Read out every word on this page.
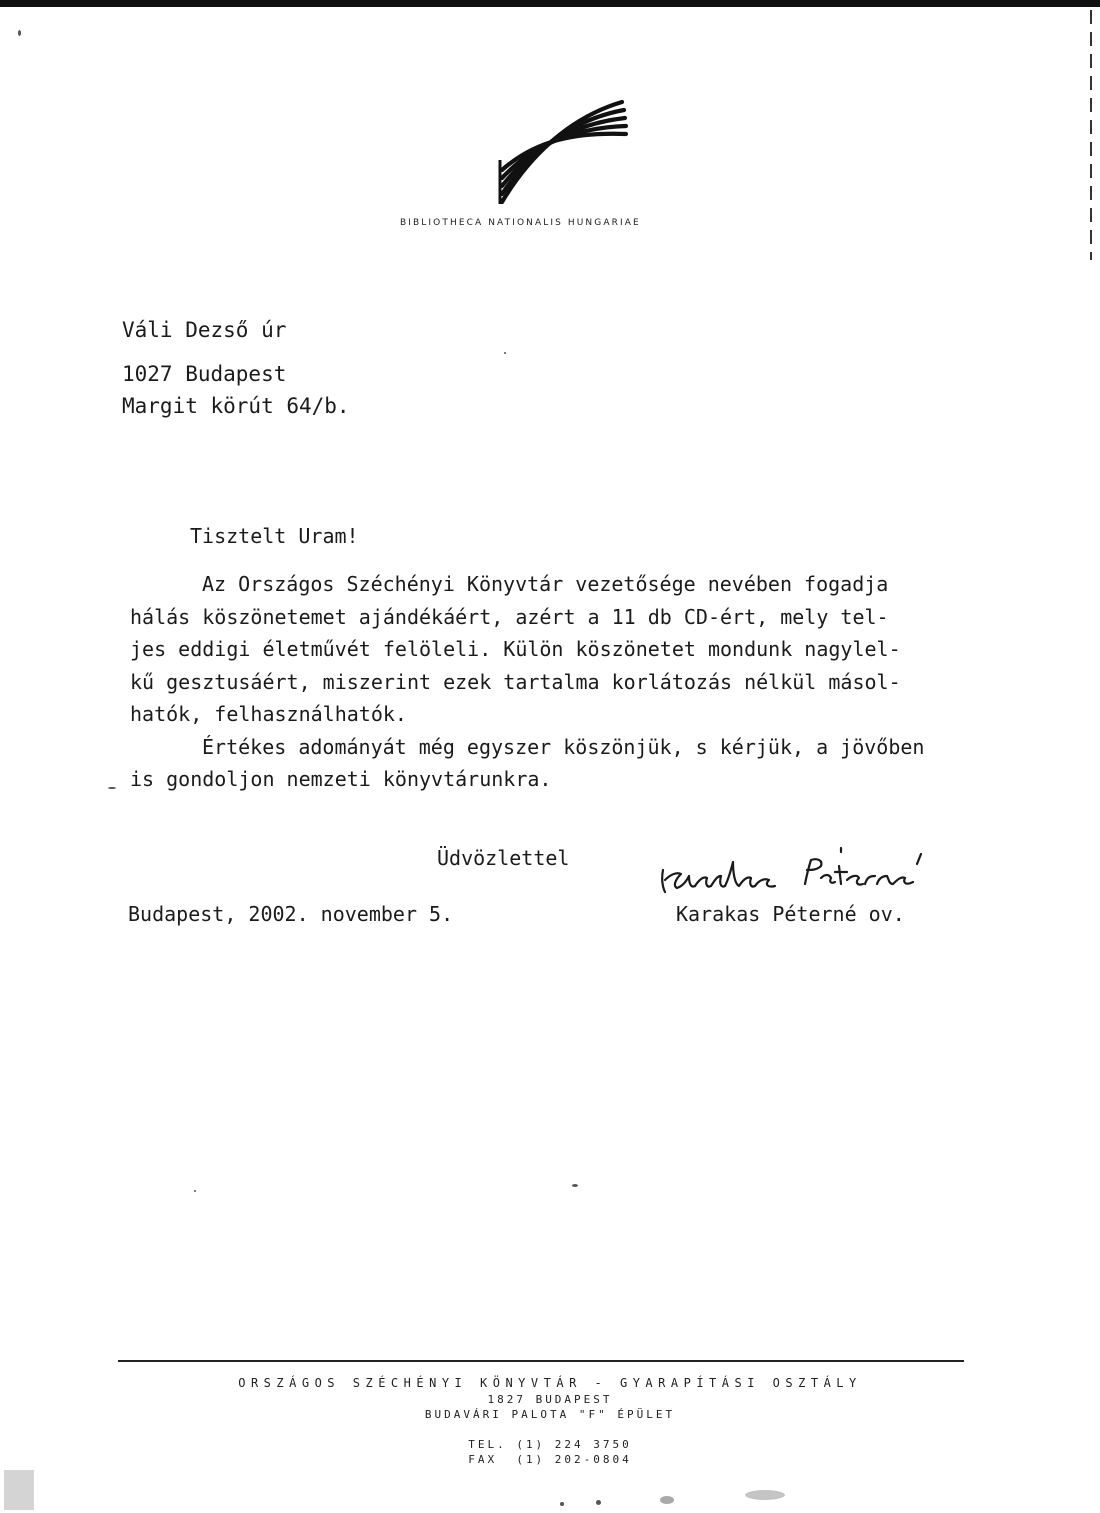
BIBLIOTHECA NATIONALIS HUNGARIAE
Váli Dezső úr
1027 Budapest
Margit körút 64/b.
Tisztelt Uram!
Az Országos Széchényi Könyvtár vezetősége nevében fogadja
hálás köszönetemet ajándékáért, azért a 11 db CD-ért, mely tel-
jes eddigi életművét felöleli. Külön köszönetet mondunk nagylel-
kű gesztusáért, miszerint ezek tartalma korlátozás nélkül másol-
hatók, felhasználhatók.
Értékes adományát még egyszer köszönjük, s kérjük, a jövőben
is gondoljon nemzeti könyvtárunkra.
Üdvözlettel
Budapest, 2002. november 5.	Karakas Péterné ov.
ORSZÁGOS SZÉCHÉNYI KÖNYVTÁR - GYARAPÍTÁSI OSZTÁLY
1827 BUDAPEST
BUDAVÁRI PALOTA "F" ÉPÜLET
TEL. (1) 224 3750
FAX  (1) 202-0804
